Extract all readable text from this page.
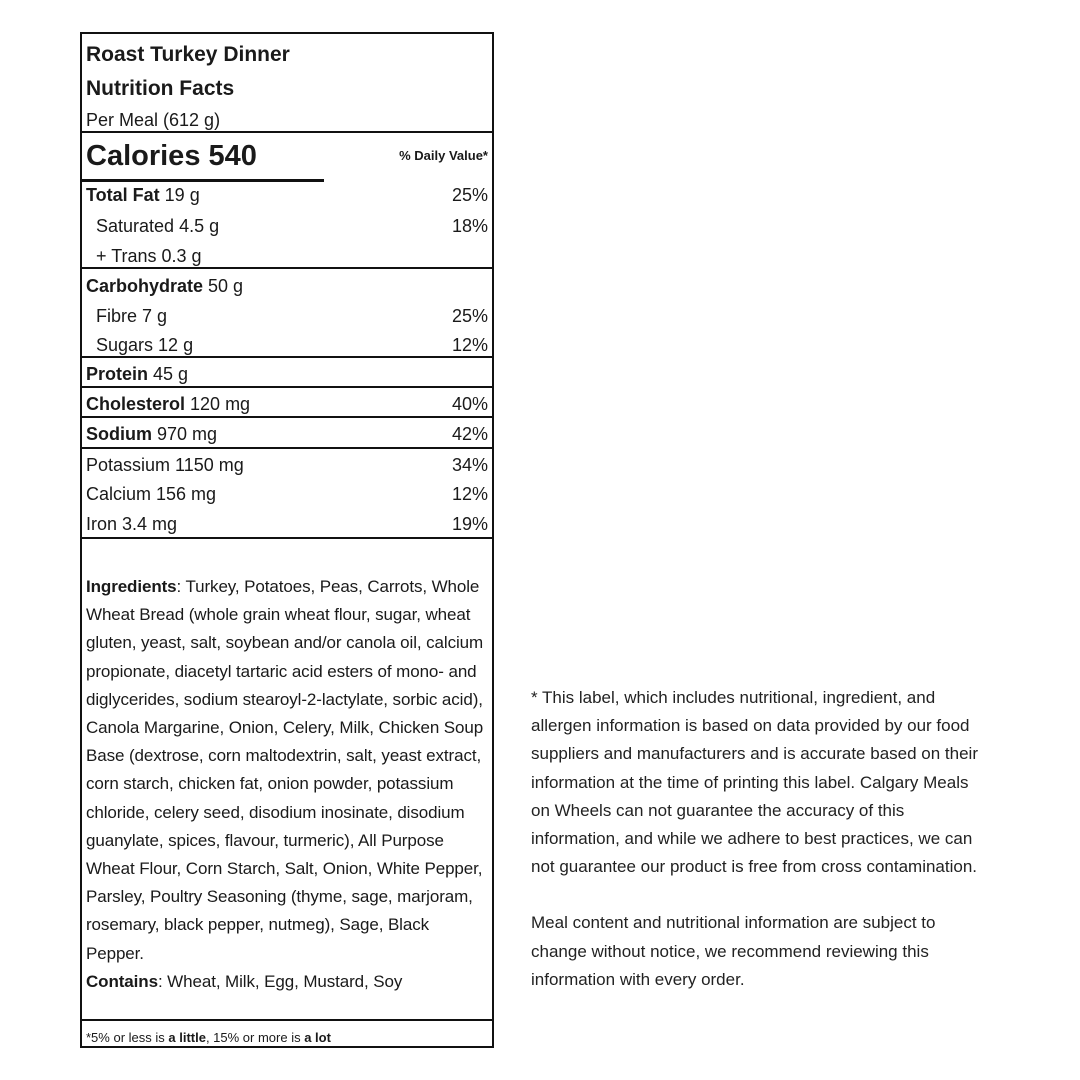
Roast Turkey Dinner
Nutrition Facts
Per Meal (612 g)
Calories 540	% Daily Value*
Total Fat 19 g	25%
Saturated 4.5 g	18%
+ Trans 0.3 g
Carbohydrate 50 g
Fibre 7 g	25%
Sugars 12 g	12%
Protein 45 g
Cholesterol 120 mg	40%
Sodium 970 mg	42%
Potassium 1150 mg	34%
Calcium 156 mg	12%
Iron 3.4 mg	19%

Ingredients: Turkey, Potatoes, Peas, Carrots, Whole Wheat Bread (whole grain wheat flour, sugar, wheat gluten, yeast, salt, soybean and/or canola oil, calcium propionate, diacetyl tartaric acid esters of mono- and diglycerides, sodium stearoyl-2-lactylate, sorbic acid), Canola Margarine, Onion, Celery, Milk, Chicken Soup Base (dextrose, corn maltodextrin, salt, yeast extract, corn starch, chicken fat, onion powder, potassium chloride, celery seed, disodium inosinate, disodium guanylate, spices, flavour, turmeric), All Purpose Wheat Flour, Corn Starch, Salt, Onion, White Pepper, Parsley, Poultry Seasoning (thyme, sage, marjoram, rosemary, black pepper, nutmeg), Sage, Black Pepper.

Contains: Wheat, Milk, Egg, Mustard, Soy

*5% or less is a little, 15% or more is a lot

* This label, which includes nutritional, ingredient, and allergen information is based on data provided by our food suppliers and manufacturers and is accurate based on their information at the time of printing this label. Calgary Meals on Wheels can not guarantee the accuracy of this information, and while we adhere to best practices, we can not guarantee our product is free from cross contamination.

Meal content and nutritional information are subject to change without notice, we recommend reviewing this information with every order.
